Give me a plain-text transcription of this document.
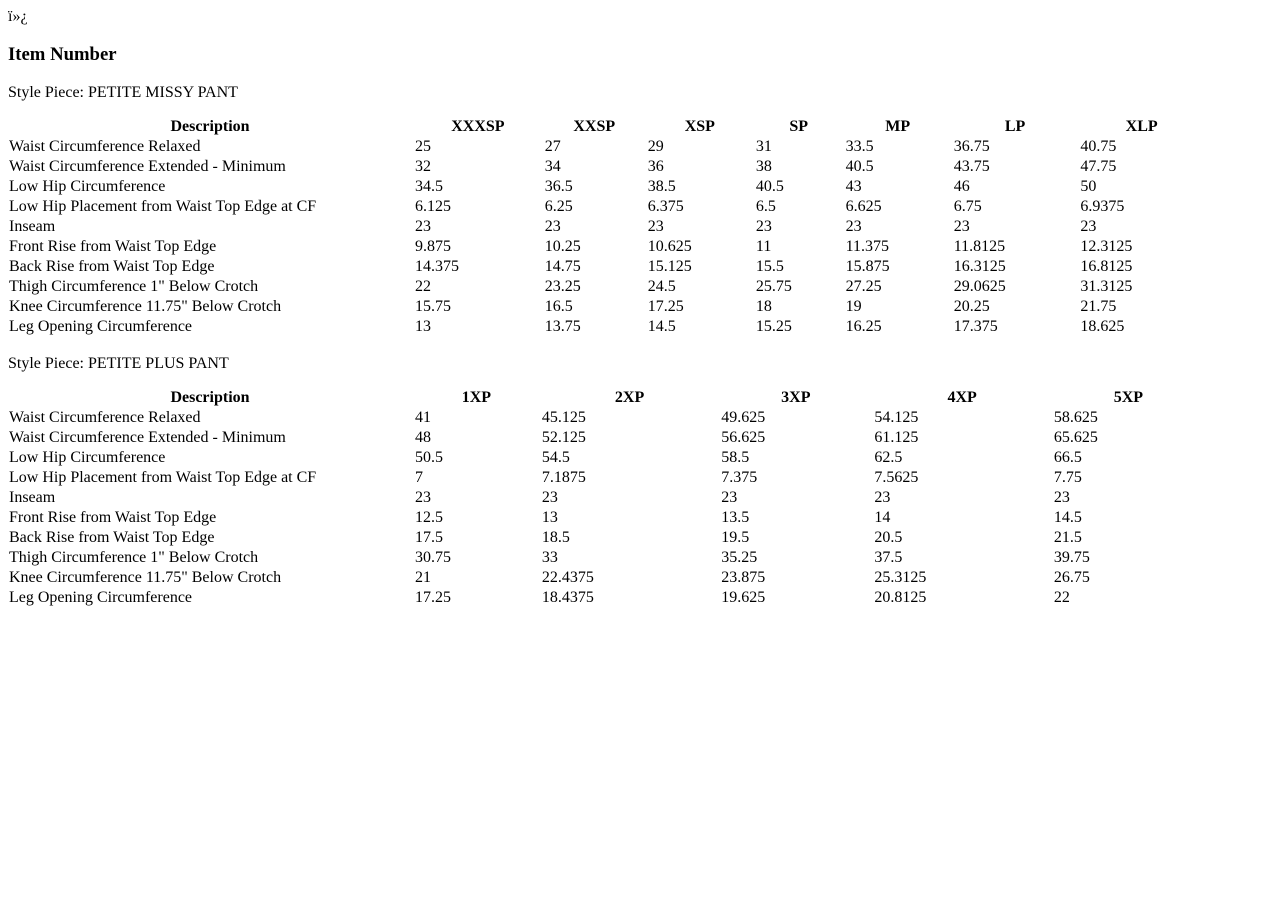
ï»¿

Item Number

Style Piece: PETITE MISSY PANT

Description	XXXSP	XXSP	XSP	SP	MP	LP	XLP
Waist Circumference Relaxed	25	27	29	31	33.5	36.75	40.75
Waist Circumference Extended - Minimum	32	34	36	38	40.5	43.75	47.75
Low Hip Circumference	34.5	36.5	38.5	40.5	43	46	50
Low Hip Placement from Waist Top Edge at CF	6.125	6.25	6.375	6.5	6.625	6.75	6.9375
Inseam	23	23	23	23	23	23	23
Front Rise from Waist Top Edge	9.875	10.25	10.625	11	11.375	11.8125	12.3125
Back Rise from Waist Top Edge	14.375	14.75	15.125	15.5	15.875	16.3125	16.8125
Thigh Circumference 1" Below Crotch	22	23.25	24.5	25.75	27.25	29.0625	31.3125
Knee Circumference 11.75" Below Crotch	15.75	16.5	17.25	18	19	20.25	21.75
Leg Opening Circumference	13	13.75	14.5	15.25	16.25	17.375	18.625

Style Piece: PETITE PLUS PANT

Description	1XP	2XP	3XP	4XP	5XP
Waist Circumference Relaxed	41	45.125	49.625	54.125	58.625
Waist Circumference Extended - Minimum	48	52.125	56.625	61.125	65.625
Low Hip Circumference	50.5	54.5	58.5	62.5	66.5
Low Hip Placement from Waist Top Edge at CF	7	7.1875	7.375	7.5625	7.75
Inseam	23	23	23	23	23
Front Rise from Waist Top Edge	12.5	13	13.5	14	14.5
Back Rise from Waist Top Edge	17.5	18.5	19.5	20.5	21.5
Thigh Circumference 1" Below Crotch	30.75	33	35.25	37.5	39.75
Knee Circumference 11.75" Below Crotch	21	22.4375	23.875	25.3125	26.75
Leg Opening Circumference	17.25	18.4375	19.625	20.8125	22
